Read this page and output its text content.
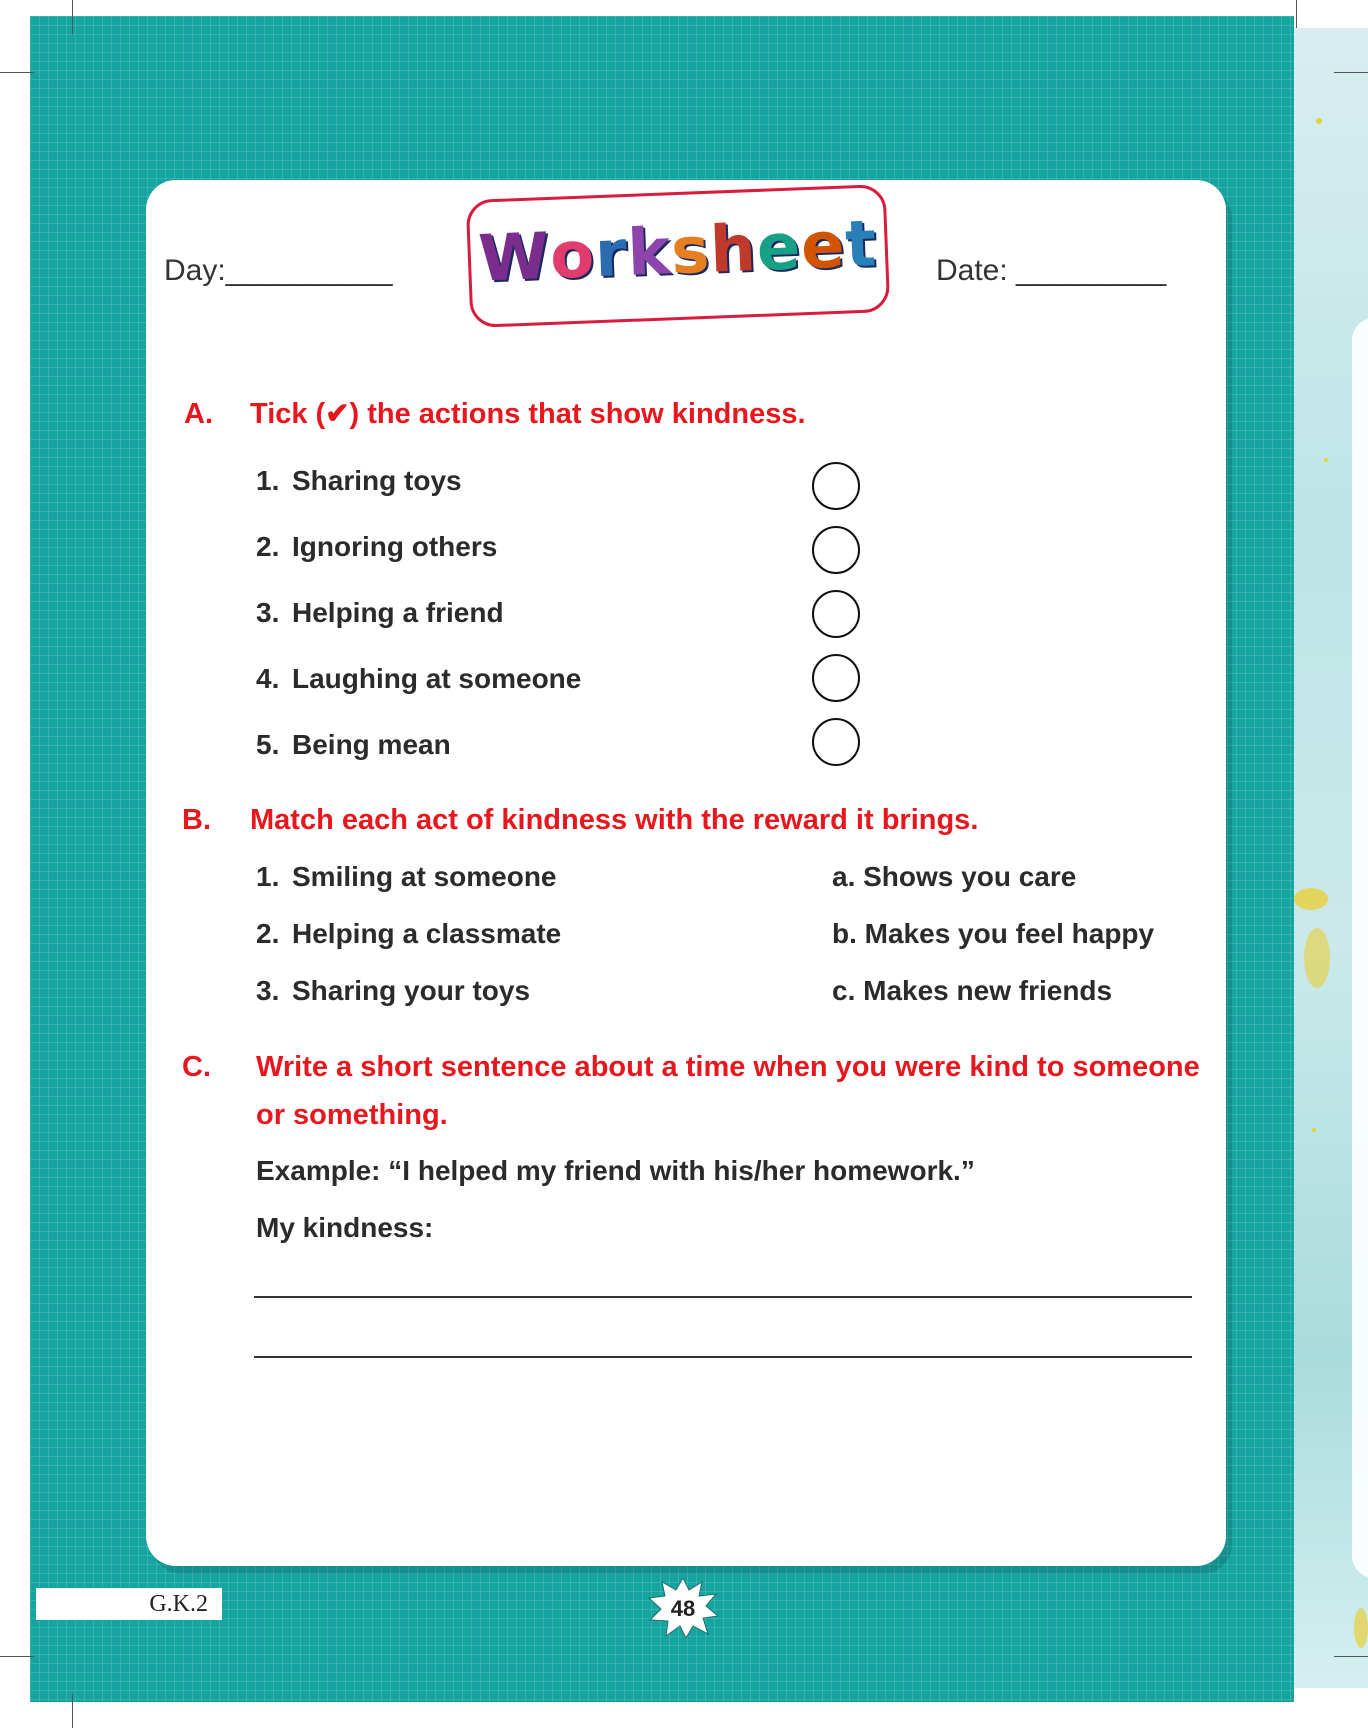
Day:__________	Date: _________
Worksheet
A. Tick (✔) the actions that show kindness.
1. Sharing toys
2. Ignoring others
3. Helping a friend
4. Laughing at someone
5. Being mean
B. Match each act of kindness with the reward it brings.
1. Smiling at someone
2. Helping a classmate
3. Sharing your toys
a. Shows you care
b. Makes you feel happy
c. Makes new friends
C. Write a short sentence about a time when you were kind to someone
or something.
Example: “I helped my friend with his/her homework.”
My kindness:
G.K.2	48
